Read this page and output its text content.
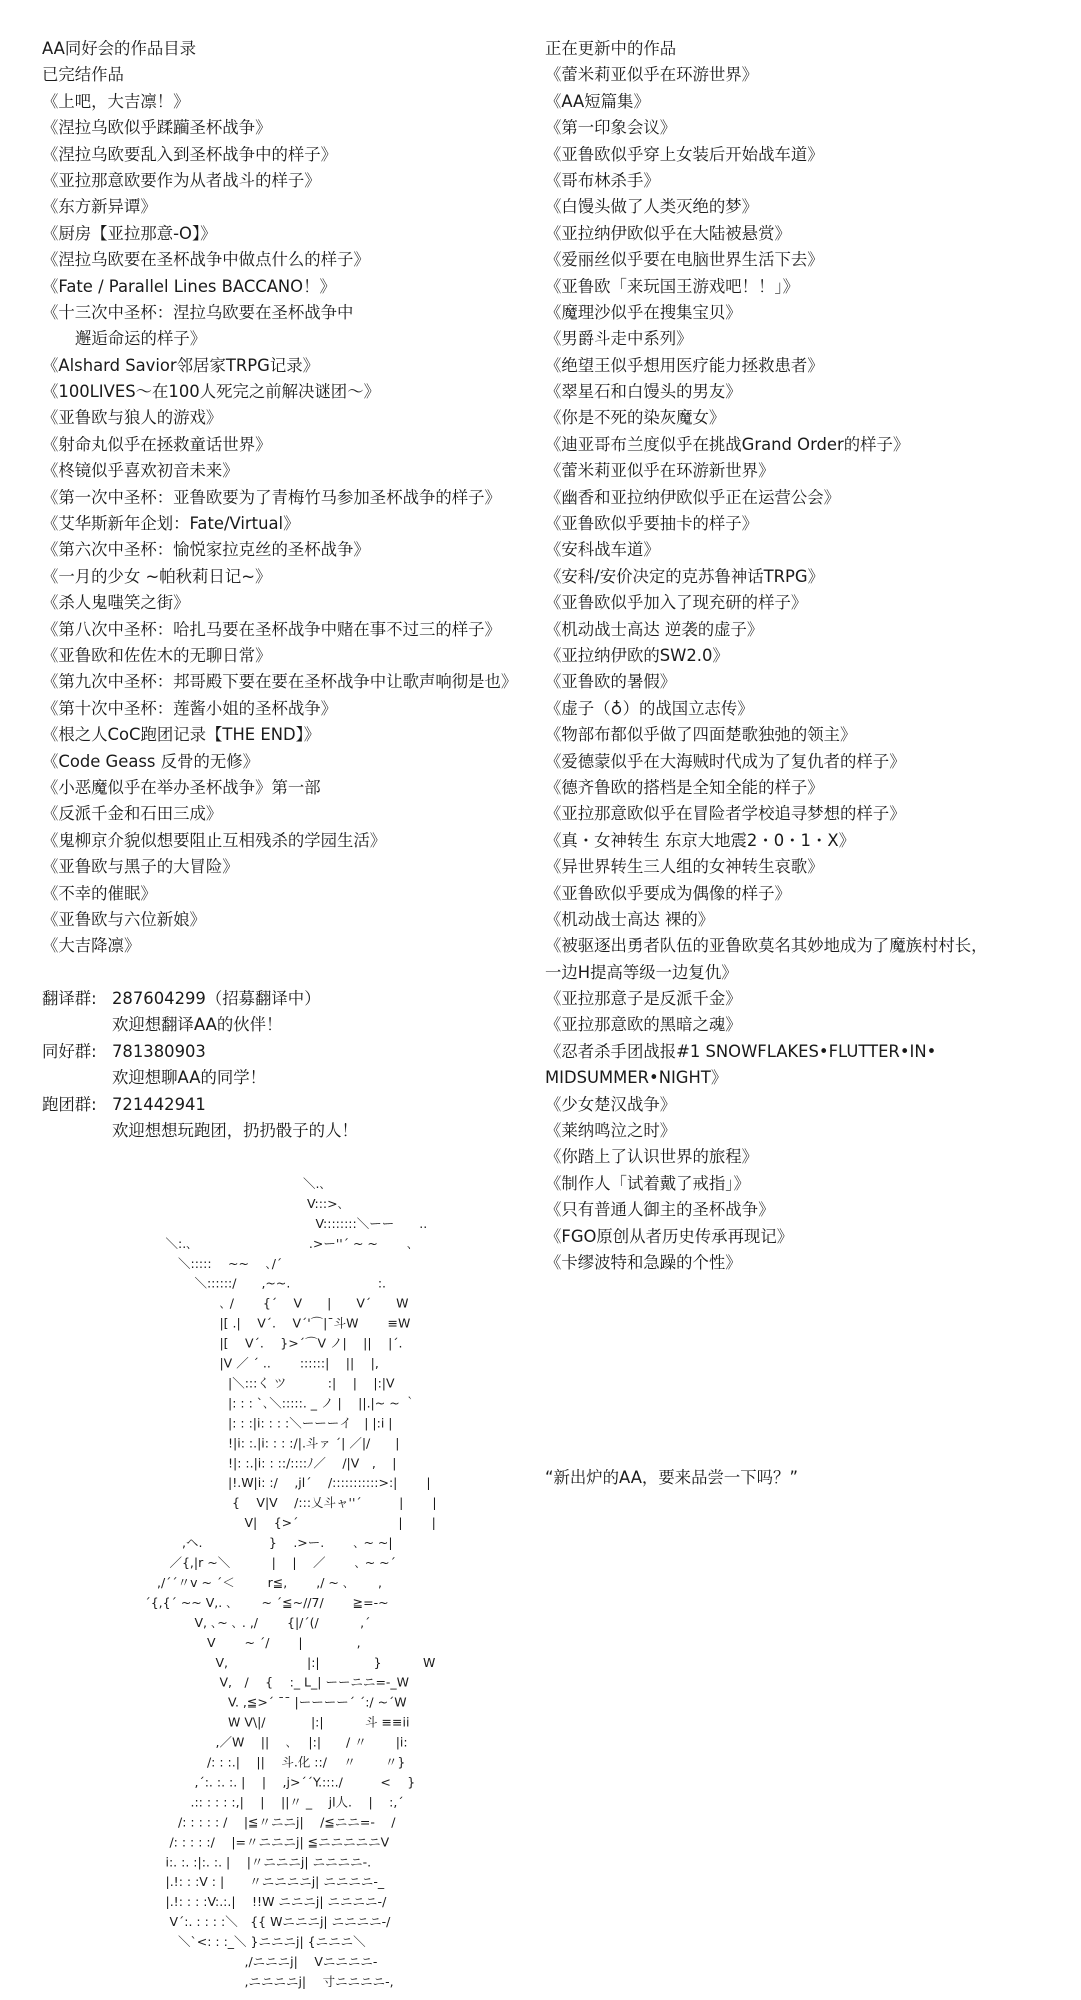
AA同好会的作品目录
已完结作品
《上吧，大吉凛！》
《涅拉乌欧似乎蹂躏圣杯战争》
《涅拉乌欧要乱入到圣杯战争中的样子》
《亚拉那意欧要作为从者战斗的样子》
《东方新异谭》
《厨房【亚拉那意-O】》
《涅拉乌欧要在圣杯战争中做点什么的样子》
《Fate / Parallel Lines BACCANO！》
《十三次中圣杯：涅拉乌欧要在圣杯战争中
邂逅命运的样子》
《Alshard Savior邻居家TRPG记录》
《100LIVES～在100人死完之前解决谜团～》
《亚鲁欧与狼人的游戏》
《射命丸似乎在拯救童话世界》
《柊镜似乎喜欢初音未来》
《第一次中圣杯：亚鲁欧要为了青梅竹马参加圣杯战争的样子》
《艾华斯新年企划：Fate/Virtual》
《第六次中圣杯：愉悦家拉克丝的圣杯战争》
《一月的少女 ~帕秋莉日记~》
《杀人鬼嗤笑之街》
《第八次中圣杯：哈扎马要在圣杯战争中赌在事不过三的样子》
《亚鲁欧和佐佐木的无聊日常》
《第九次中圣杯：邦哥殿下要在要在圣杯战争中让歌声响彻是也》
《第十次中圣杯：莲酱小姐的圣杯战争》
《根之人CoC跑团记录【THE END】》
《Code Geass 反骨的无修》
《小恶魔似乎在举办圣杯战争》第一部
《反派千金和石田三成》
《鬼柳京介貌似想要阻止互相残杀的学园生活》
《亚鲁欧与黑子的大冒险》
《不幸的催眠》
《亚鲁欧与六位新娘》
《大吉降凛》
翻译群: 287604299（招募翻译中）
欢迎想翻译AA的伙伴！
同好群: 781380903
欢迎想聊AA的同学！
跑团群: 721442941
欢迎想想玩跑团，扔扔骰子的人！
正在更新中的作品
《蕾米莉亚似乎在环游世界》
《AA短篇集》
《第一印象会议》
《亚鲁欧似乎穿上女装后开始战车道》
《哥布林杀手》
《白馒头做了人类灭绝的梦》
《亚拉纳伊欧似乎在大陆被悬赏》
《爱丽丝似乎要在电脑世界生活下去》
《亚鲁欧「来玩国王游戏吧！！」》
《魔理沙似乎在搜集宝贝》
《男爵斗走中系列》
《绝望王似乎想用医疗能力拯救患者》
《翠星石和白馒头的男友》
《你是不死的染灰魔女》
《迪亚哥布兰度似乎在挑战Grand Order的样子》
《蕾米莉亚似乎在环游新世界》
《幽香和亚拉纳伊欧似乎正在运营公会》
《亚鲁欧似乎要抽卡的样子》
《安科战车道》
《安科/安价决定的克苏鲁神话TRPG》
《亚鲁欧似乎加入了现充研的样子》
《机动战士高达 逆袭的虚子》
《亚拉纳伊欧的SW2.0》
《亚鲁欧的暑假》
《虚子（♁）的战国立志传》
《物部布都似乎做了四面楚歌独弛的领主》
《爱德蒙似乎在大海贼时代成为了复仇者的样子》
《德齐鲁欧的搭档是全知全能的样子》
《亚拉那意欧似乎在冒险者学校追寻梦想的样子》
《真・女神转生 东京大地震2・0・1・X》
《异世界转生三人组的女神转生哀歌》
《亚鲁欧似乎要成为偶像的样子》
《机动战士高达 裸的》
《被驱逐出勇者队伍的亚鲁欧莫名其妙地成为了魔族村村长，
一边H提高等级一边复仇》
《亚拉那意子是反派千金》
《亚拉那意欧的黑暗之魂》
《忍者杀手团战报#1 SNOWFLAKES•FLUTTER•IN•
MIDSUMMER•NIGHT》
《少女楚汉战争》
《莱纳鸣泣之时》
《你踏上了认识世界的旅程》
《制作人「试着戴了戒指」》
《只有普通人御主的圣杯战争》
《FGO原创从者历史传承再现记》
《卡缪波特和急躁的个性》
“新出炉的AA，要来品尝一下吗？”
　　　　　　　　　　　　　　＼.､
　　　　　　　　　　　　　　 V:::>､
　　　　　　　　　　　　　　　V::::::::＼ーー　　..
　　　＼:.､　　　　　　　　　 .>ー''´ ~ ~　　 ､
　　　　＼:::::　 ~~　 ､/´
　　　　　 ＼::::::/　　,~~.　　　　　　　:.
　　　　　　　 ､ /　　 {´ 　V　　|　　V´　　W
　　　　　　　 |[ .|　 V´.　 V´'⌒|¯斗W　　 ≡W
　　　　　　　 |[　 V´. 　}>´⌒V ノ|　 ||　 |´.
　　　　　　　 |V ／ ´ ..　　 ::::::|　 ||　 |,
　　　　　　　　|＼:::く ツ　　　 :|　 |　 |:|V
　　　　　　　　|: : : `､＼:::::. _ ノ |　 ||.|~ ~ ｀
　　　　　　　　|: : :|i: : : :＼ーーーイ　| |:i |
　　　　　　　　!|i: :.|i: : : :/|.斗ァ ´| ／|/　　|
　　　　　　　　!|: :.|i: : ::/::::ﾉ／　 /|V　,　 |
　　　　　　　　|!.W|i: :/　 ,jl´　 /:::::::::::>:|　　 |
　　　　　　　　 {　 V|V　 /:::乂斗ャ''´　　　|　　 |
　　　　　　　　　 V|　 {>´　　　　　　　　|　　 |
　　　　 ,ヘ.　　　　　 }　 .>ー.　　 ､ ~ ~|
　　　 ／{,|r ~＼　　　 |　 |　 ／　　 ､ ~ ~´
　　 ,/´´〃v ~ ´＜ 　　 r≦,　　 ,/ ~ ､　　 ,
　 ´{,{´ ~~ V,. ､　　 ~ ´≦~//7/　　 ≧=-~
　　　　　 V, ､~ ､ . ,/　　 {|/´(/　　　 ,´
　　　　　　 V　　 ~ ´/　　 |　　　　 ,
　　　　　　　V,　　　　　　 |:|　　　　 }　　　 W
　　　　　　　 V,　/　 {　 :_ L_| ーーニニ=-_W
　　　　　　　　V. ,≦>´ ¯¯ |ーーーー´ ´:/ ~´W
　　　　　　　　W V\|/　 　　 |:|　　　 斗 ≡≡ii
　　　　　　　,／W　 ||　 ､　 |:|　　/ 〃　　 |i:
　　　　　　 /: : :.|　 ||　 斗.化 ::/　 〃　　 〃}
　　　　　 ,´:. :. :. |　 |　 ,j>´´Y.:::./　　　<　 }
　　　　　.:: : : : :,|　 |　 ||〃 _　 jl人.　 |　 :,´
　　　　/: : : : : /　 |≦〃ニニj|　 /≦ニニ=-　 /
　　　 /: : : : :/　 |=〃ニニニj| ≦ニニニニニV
　　　i:. :. :|:. :. |　 |〃ニニニj| ニニニニ-.
　　　|.!: : :V : |　　〃ニニニニj| ニニニニ-_
　　　|.!: : : :V:.:.|　 !!W ニニニj| ニニニニ-/
　　　 V´:. : : : :＼　{{ Wニニニj| ニニニニ-/
　　　　＼`<: : :_＼ }ニニニj| {ニニニ＼
　　　　　　　　　 ,/ニニニj|　 Vニニニニ-
　　　　　　　　　 ,ニニニニj|　 寸ニニニニ-,
